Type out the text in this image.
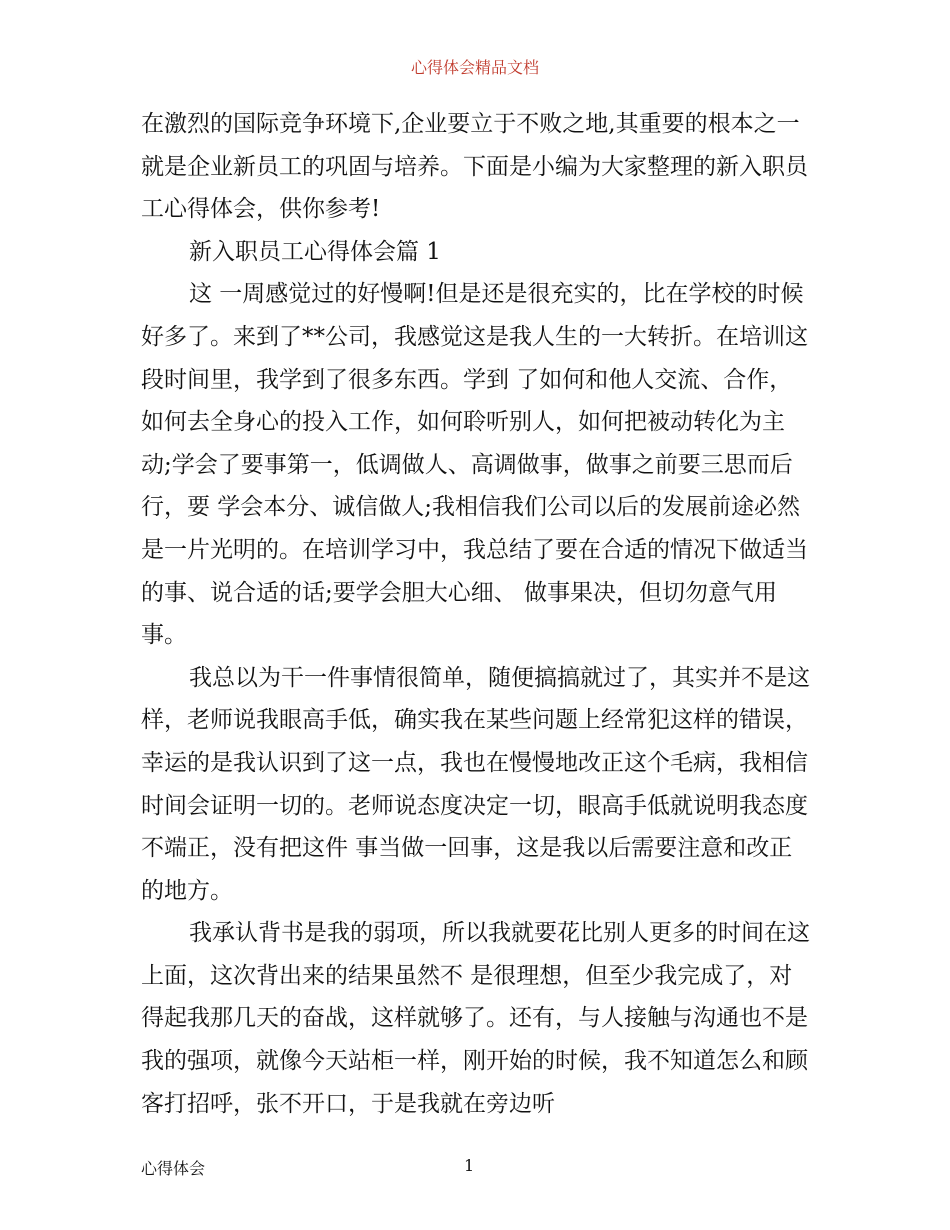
心得体会精品文档

在激烈的国际竞争环境下,企业要立于不败之地,其重要的根本之一就是企业新员工的巩固与培养。下面是小编为大家整理的新入职员工心得体会，供你参考!

新入职员工心得体会篇 1

这 一周感觉过的好慢啊!但是还是很充实的，比在学校的时候好多了。来到了**公司，我感觉这是我人生的一大转折。在培训这段时间里，我学到了很多东西。学到 了如何和他人交流、合作，如何去全身心的投入工作，如何聆听别人，如何把被动转化为主动;学会了要事第一，低调做人、高调做事，做事之前要三思而后行，要 学会本分、诚信做人;我相信我们公司以后的发展前途必然是一片光明的。在培训学习中，我总结了要在合适的情况下做适当的事、说合适的话;要学会胆大心细、 做事果决，但切勿意气用事。

我总以为干一件事情很简单，随便搞搞就过了，其实并不是这样，老师说我眼高手低，确实我在某些问题上经常犯这样的错误，幸运的是我认识到了这一点，我也在慢慢地改正这个毛病，我相信时间会证明一切的。老师说态度决定一切，眼高手低就说明我态度不端正，没有把这件 事当做一回事，这是我以后需要注意和改正的地方。

我承认背书是我的弱项，所以我就要花比别人更多的时间在这上面，这次背出来的结果虽然不 是很理想，但至少我完成了，对得起我那几天的奋战，这样就够了。还有，与人接触与沟通也不是我的强项，就像今天站柜一样，刚开始的时候，我不知道怎么和顾 客打招呼，张不开口，于是我就在旁边听

心得体会	1
